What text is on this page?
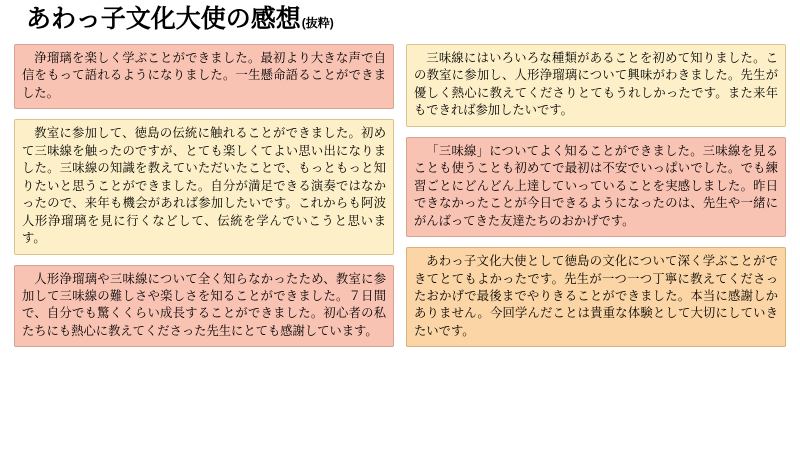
あわっ子文化大使の感想 (抜粋)
浄瑠璃を楽しく学ぶことができました。最初より大きな声で自信をもって語れるようになりました。一生懸命語ることができました。
教室に参加して、徳島の伝統に触れることができました。初めて三味線を触ったのですが、とても楽しくてよい思い出になりました。三味線の知識を教えていただいたことで、もっともっと知りたいと思うことができました。自分が満足できる演奏ではなかったので、来年も機会があれば参加したいです。これからも阿波人形浄瑠璃を見に行くなどして、伝統を学んでいこうと思います。
人形浄瑠璃や三味線について全く知らなかったため、教室に参加して三味線の難しさや楽しさを知ることができました。７日間で、自分でも驚くくらい成長することができました。初心者の私たちにも熱心に教えてくださった先生にとても感謝しています。
三味線にはいろいろな種類があることを初めて知りました。この教室に参加し、人形浄瑠璃について興味がわきました。先生が優しく熱心に教えてくださりとてもうれしかったです。また来年もできれば参加したいです。
「三味線」についてよく知ることができました。三味線を見ることも使うことも初めてで最初は不安でいっぱいでした。でも練習ごとにどんどん上達していっていることを実感しました。昨日できなかったことが今日できるようになったのは、先生や一緒にがんばってきた友達たちのおかげです。
あわっ子文化大使として徳島の文化について深く学ぶことができてとてもよかったです。先生が一つ一つ丁寧に教えてくださったおかげで最後までやりきることができました。本当に感謝しかありません。今回学んだことは貴重な体験として大切にしていきたいです。
